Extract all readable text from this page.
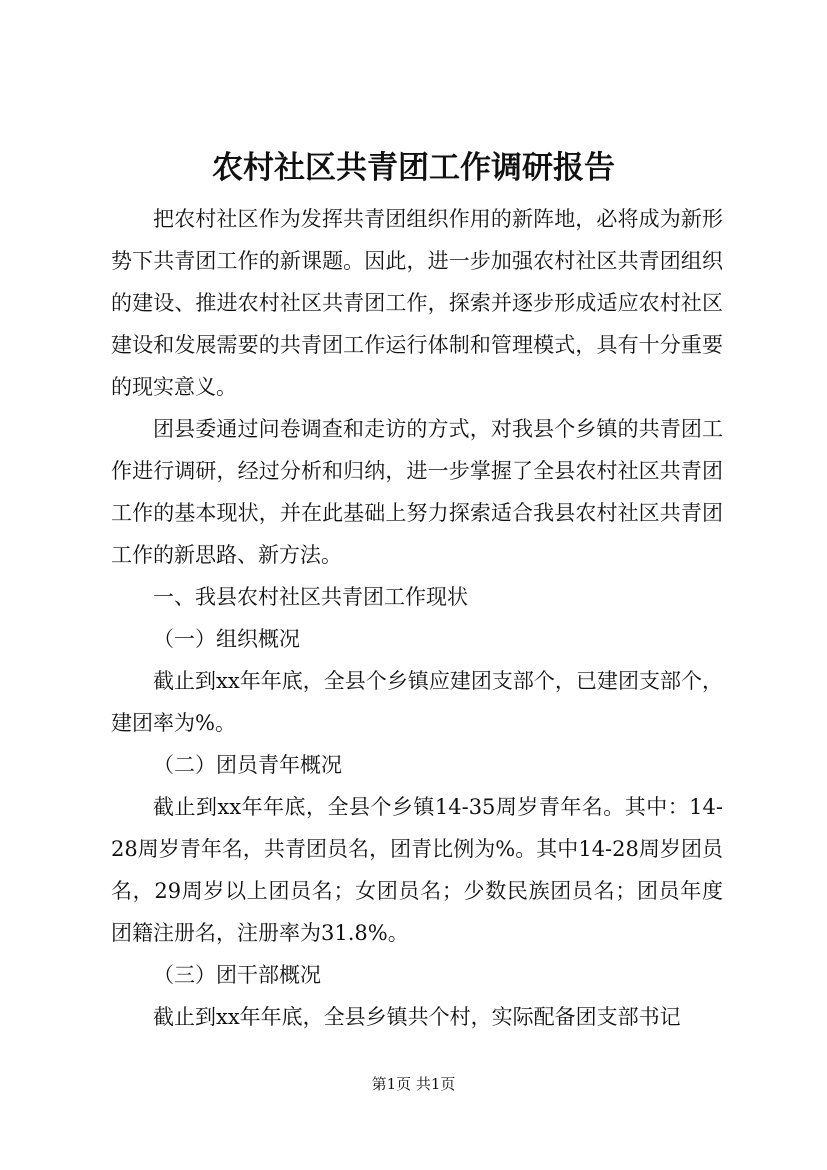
农村社区共青团工作调研报告

把农村社区作为发挥共青团组织作用的新阵地，必将成为新形势下共青团工作的新课题。因此，进一步加强农村社区共青团组织的建设、推进农村社区共青团工作，探索并逐步形成适应农村社区建设和发展需要的共青团工作运行体制和管理模式，具有十分重要的现实意义。

团县委通过问卷调查和走访的方式，对我县个乡镇的共青团工作进行调研，经过分析和归纳，进一步掌握了全县农村社区共青团工作的基本现状，并在此基础上努力探索适合我县农村社区共青团工作的新思路、新方法。

一、我县农村社区共青团工作现状

（一）组织概况

截止到xx年年底，全县个乡镇应建团支部个，已建团支部个，建团率为%。

（二）团员青年概况

截止到xx年年底，全县个乡镇14-35周岁青年名。其中：14-28周岁青年名，共青团员名，团青比例为%。其中14-28周岁团员名，29周岁以上团员名；女团员名；少数民族团员名；团员年度团籍注册名，注册率为31.8%。

（三）团干部概况

截止到xx年年底，全县乡镇共个村，实际配备团支部书记

第1页 共1页
